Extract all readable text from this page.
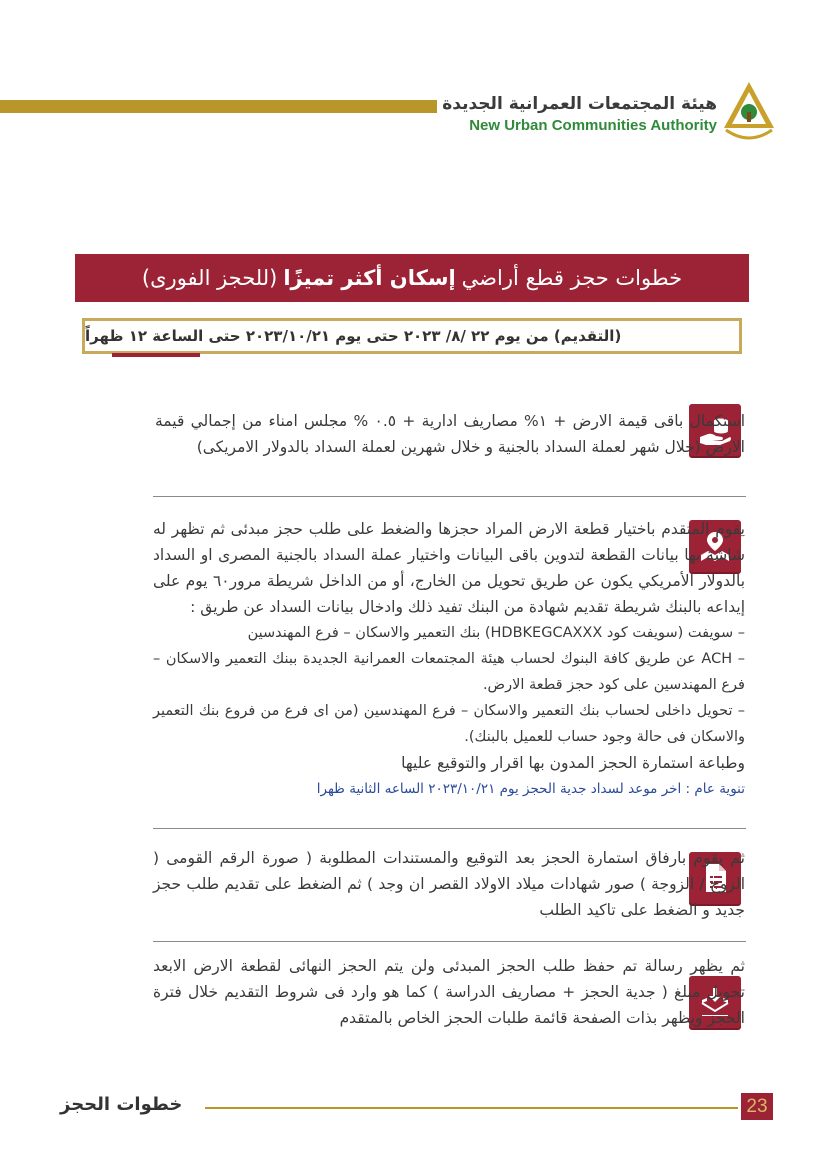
هيئة المجتمعات العمرانية الجديدة
New Urban Communities Authority
خطوات حجز قطع أراضي
إسكان أكثر تميزًا
(للحجز الفورى)
(التقديم) من يوم ٢٢ /٨/ ٢٠٢٣ حتى يوم ٢٠٢٣/١٠/٢١ حتى الساعة ١٢ ظهراً
استكمال باقى قيمة الارض + ١% مصاريف ادارية + ٠.٥ % مجلس امناء من إجمالي قيمة الارض (خلال شهر لعملة السداد بالجنية و خلال شهرين لعملة السداد بالدولار الامريكى)
يقوم المتقدم باختيار قطعة الارض المراد حجزها والضغط على طلب حجز مبدئى ثم تظهر له شاشة بها بيانات القطعة لتدوين باقى البيانات واختيار عملة السداد بالجنية المصرى او السداد بالدولار الأمريكي يكون عن طريق تحويل من الخارج، أو من الداخل شريطة مرور٦٠ يوم على إيداعه بالبنك شريطة تقديم شهادة من البنك تفيد ذلك وادخال بيانات السداد عن طريق :
– سويفت (سويفت كود HDBKEGCAXXX) بنك التعمير والاسكان – فرع المهندسين
– ACH عن طريق كافة البنوك لحساب هيئة المجتمعات العمرانية الجديدة ببنك التعمير والاسكان – فرع المهندسين على كود حجز قطعة الارض.
– تحويل داخلى لحساب بنك التعمير والاسكان – فرع المهندسين (من اى فرع من فروع بنك التعمير والاسكان فى حالة وجود حساب للعميل بالبنك).
وطباعة استمارة الحجز المدون بها اقرار والتوقيع عليها
تنوية عام : اخر موعد لسداد جدية الحجز يوم ٢٠٢٣/١٠/٢١ الساعه الثانية ظهرا
ثم يقوم بارفاق استمارة الحجز بعد التوقيع والمستندات المطلوبة ( صورة الرقم القومى ( الزوج / الزوجة ) صور شهادات ميلاد الاولاد القصر ان وجد ) ثم الضغط على تقديم طلب حجز جديد و الضغط على تاكيد الطلب
ثم يظهر رسالة تم حفظ طلب الحجز المبدئى ولن يتم الحجز النهائى لقطعة الارض الابعد تحويل مبلغ ( جدية الحجز + مصاريف الدراسة ) كما هو وارد فى شروط التقديم خلال فترة الحجز ويظهر بذات الصفحة قائمة طلبات الحجز الخاص بالمتقدم
خطوات الحجز	23
